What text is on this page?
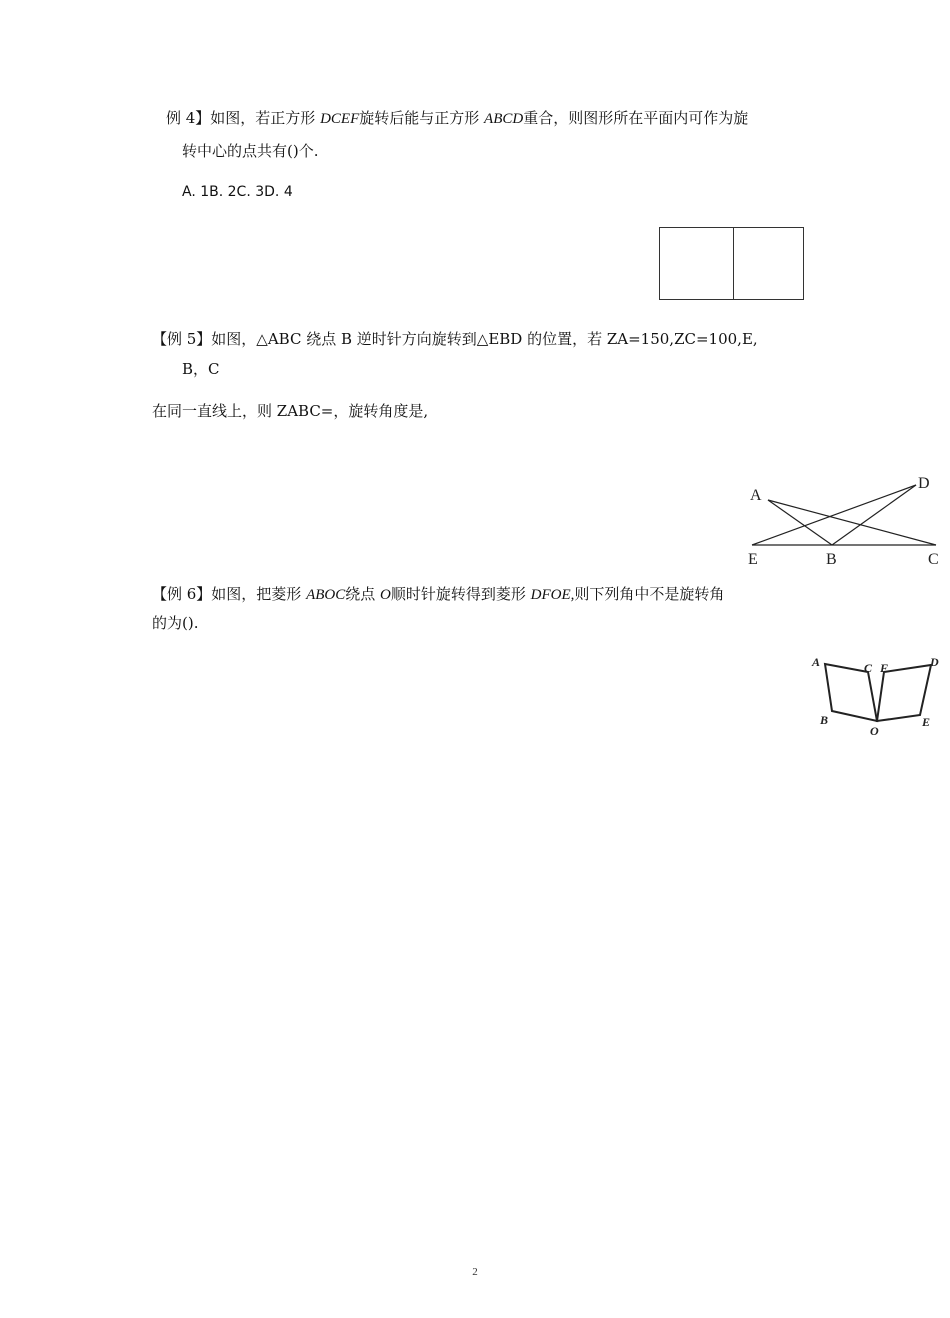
例 4】如图，若正方形 DCEF旋转后能与正方形 ABCD重合，则图形所在平面内可作为旋
转中心的点共有()个.
A. 1B. 2C. 3D. 4
【例 5】如图，△ABC 绕点 B 逆时针方向旋转到△EBD 的位置，若 ZA=150,ZC=100,E,
B，C
在同一直线上，则 ZABC=，旋转角度是,
A
D
E	B	C
【例 6】如图，把菱形 ABOC绕点 O顺时针旋转得到菱形 DFOE,则下列角中不是旋转角
的为().
A	C F	D
B
O
E
2
